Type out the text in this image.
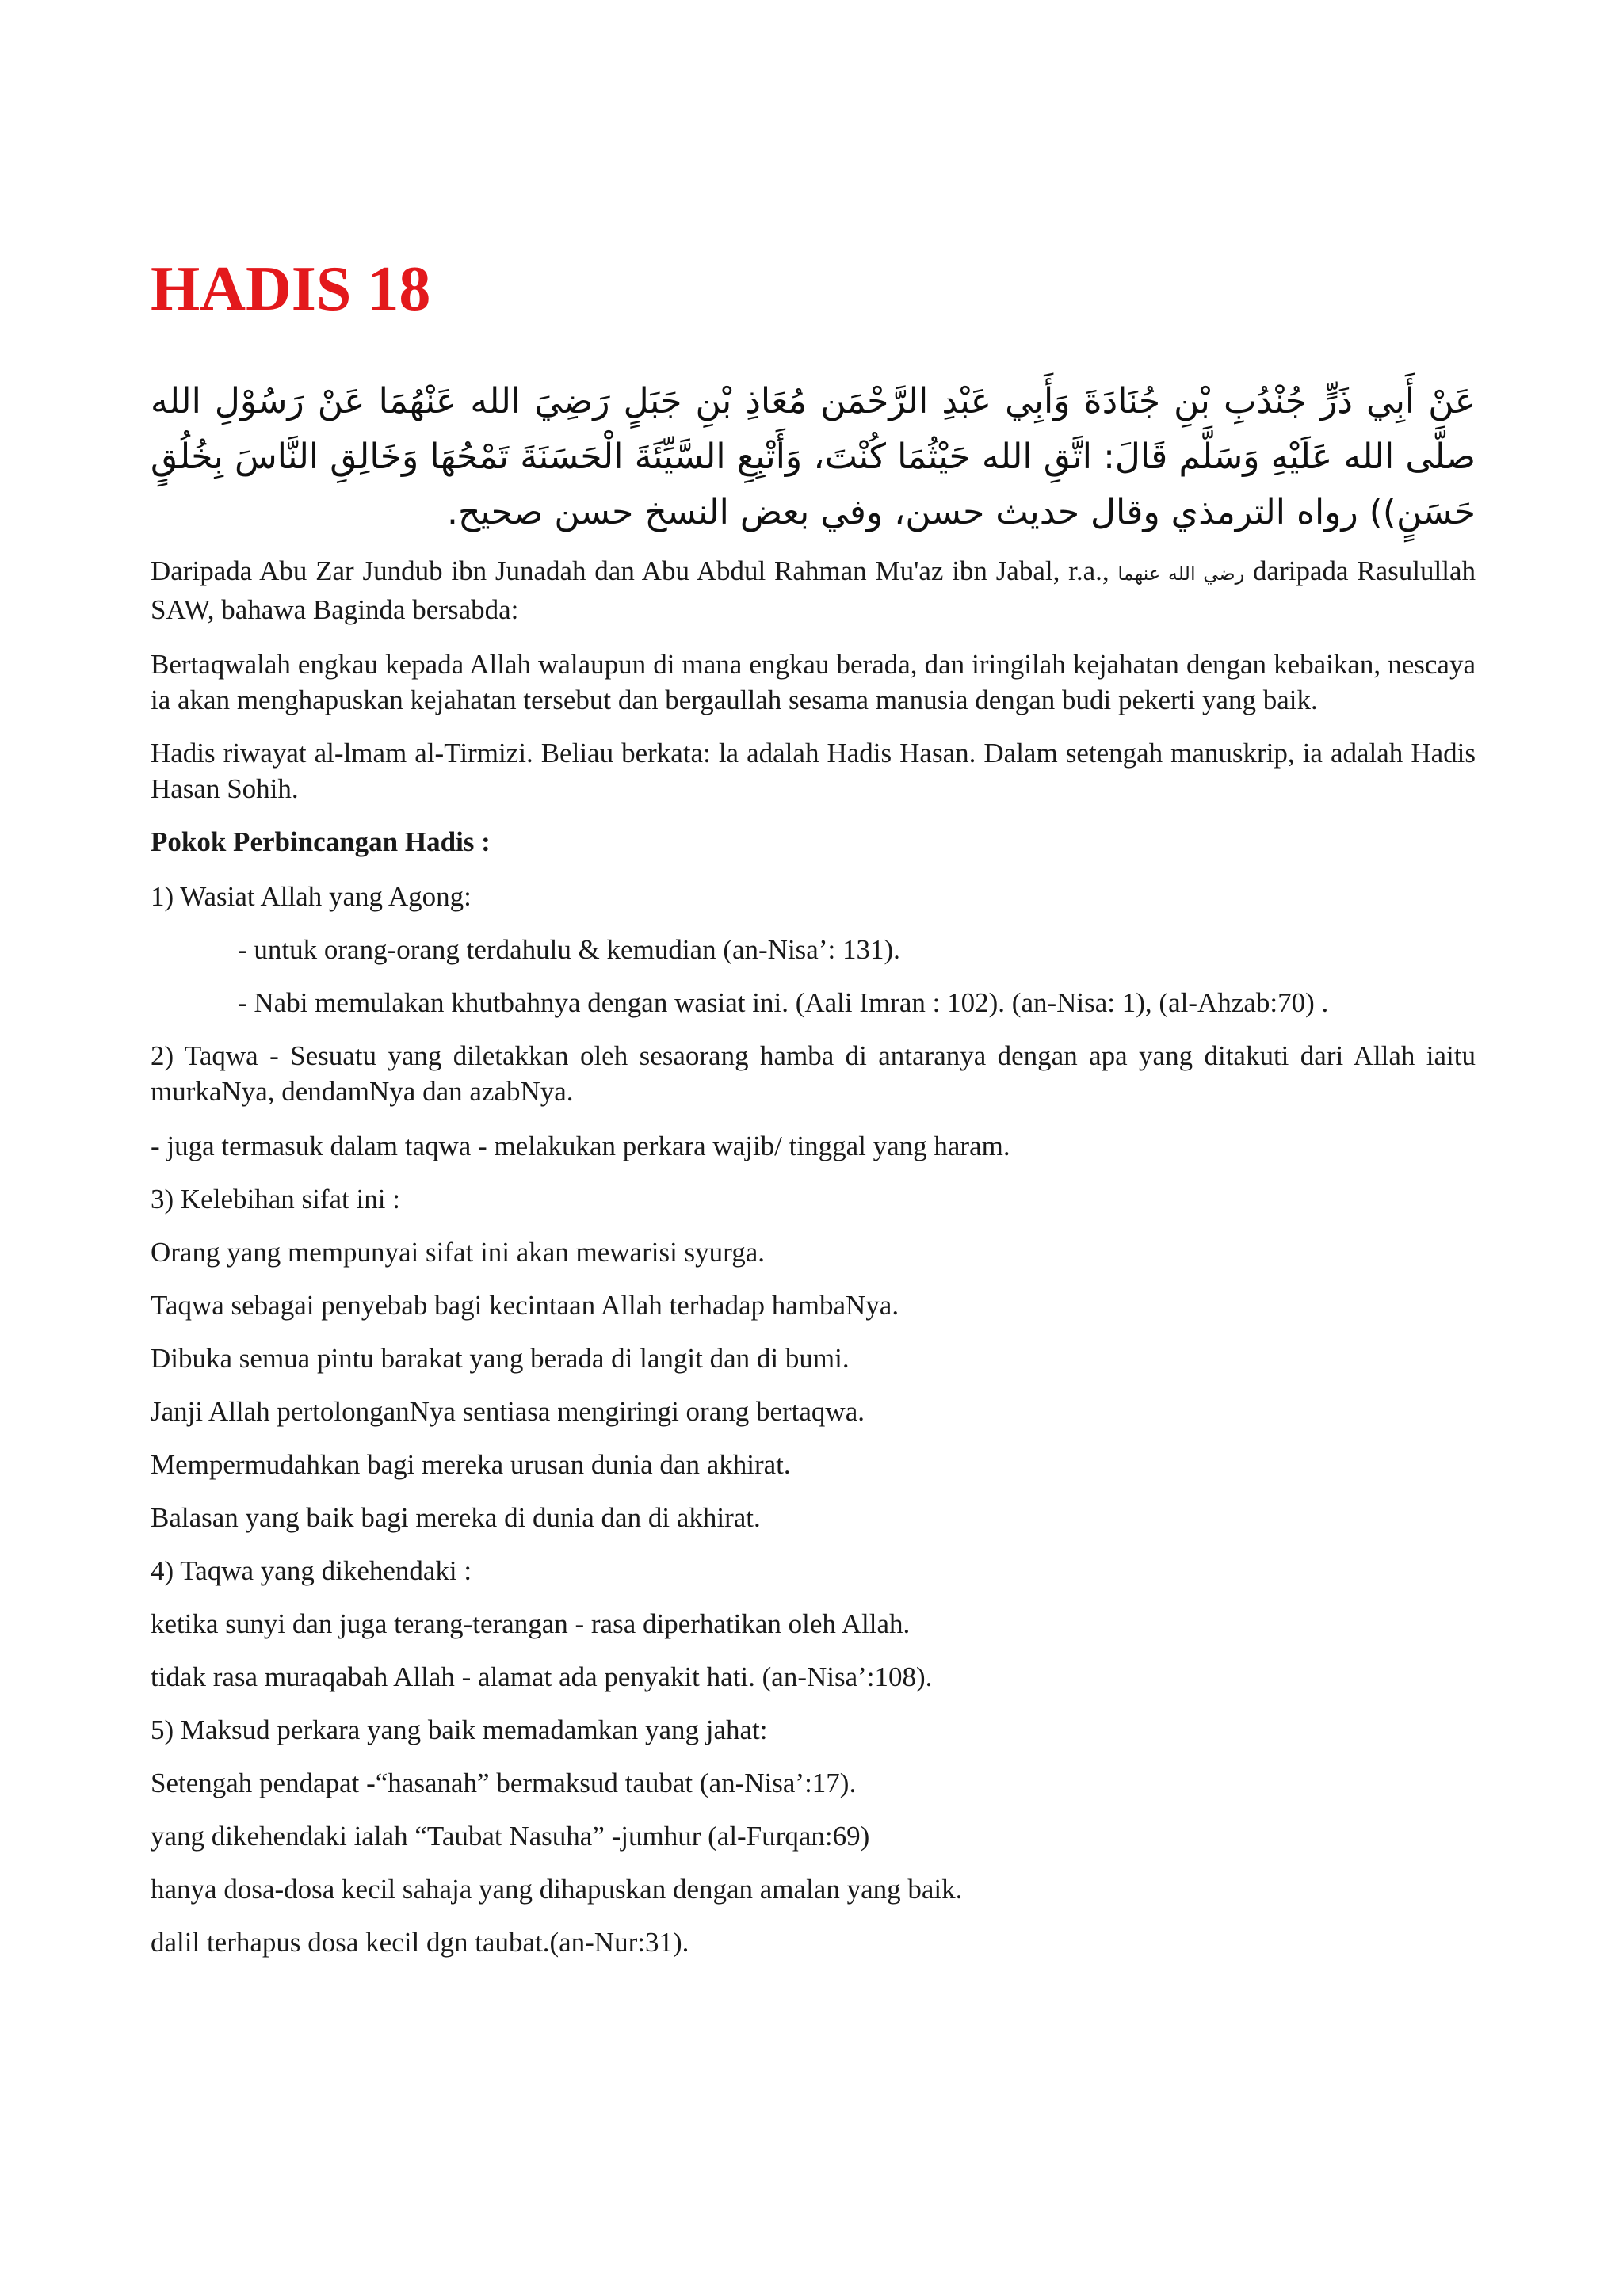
HADIS 18
عَنْ أَبِي ذَرٍّ جُنْدُبِ بْنِ جُنَادَةَ وَأَبِي عَبْدِ الرَّحْمَن مُعَاذِ بْنِ جَبَلٍ رَضِيَ الله عَنْهُمَا عَنْ رَسُوْلِ الله صلَّى الله عَلَيْهِ وَسَلَّم قَالَ: اتَّقِ الله حَيْثُمَا كُنْتَ، وَأَتْبِعِ السَّيِّئَةَ الْحَسَنَةَ تَمْحُهَا وَخَالِقِ النَّاسَ بِخُلُقٍ حَسَنٍ)) رواه الترمذي وقال حديث حسن، وفي بعض النسخ حسن صحيح.
Daripada Abu Zar Jundub ibn Junadah dan Abu Abdul Rahman Mu'az ibn Jabal, r.a., رضي الله عنهما daripada Rasulullah SAW, bahawa Baginda bersabda:
Bertaqwalah engkau kepada Allah walaupun di mana engkau berada, dan iringilah kejahatan dengan kebaikan, nescaya ia akan menghapuskan kejahatan tersebut dan bergaullah sesama manusia dengan budi pekerti yang baik.
Hadis riwayat al-lmam al-Tirmizi. Beliau berkata: la adalah Hadis Hasan. Dalam setengah manuskrip, ia adalah Hadis Hasan Sohih.
Pokok Perbincangan Hadis :
1) Wasiat Allah yang Agong:
- untuk orang-orang terdahulu & kemudian (an-Nisa’: 131).
- Nabi memulakan khutbahnya dengan wasiat ini. (Aali Imran : 102). (an-Nisa: 1), (al-Ahzab:70) .
2) Taqwa - Sesuatu yang diletakkan oleh sesaorang hamba di antaranya dengan apa yang ditakuti dari Allah iaitu murkaNya, dendamNya dan azabNya.
- juga termasuk dalam taqwa - melakukan perkara wajib/ tinggal yang haram.
3) Kelebihan sifat ini :
Orang yang mempunyai sifat ini akan mewarisi syurga.
Taqwa sebagai penyebab bagi kecintaan Allah terhadap hambaNya.
Dibuka semua pintu barakat yang berada di langit dan di bumi.
Janji Allah pertolonganNya sentiasa mengiringi orang bertaqwa.
Mempermudahkan bagi mereka urusan dunia dan akhirat.
Balasan yang baik bagi mereka di dunia dan di akhirat.
4) Taqwa yang dikehendaki :
ketika sunyi dan juga terang-terangan - rasa diperhatikan oleh Allah.
tidak rasa muraqabah Allah - alamat ada penyakit hati. (an-Nisa’:108).
5) Maksud perkara yang baik memadamkan yang jahat:
Setengah pendapat -“hasanah” bermaksud taubat (an-Nisa’:17).
yang dikehendaki ialah “Taubat Nasuha” -jumhur (al-Furqan:69)
hanya dosa-dosa kecil sahaja yang dihapuskan dengan amalan yang baik.
dalil terhapus dosa kecil dgn taubat.(an-Nur:31).
